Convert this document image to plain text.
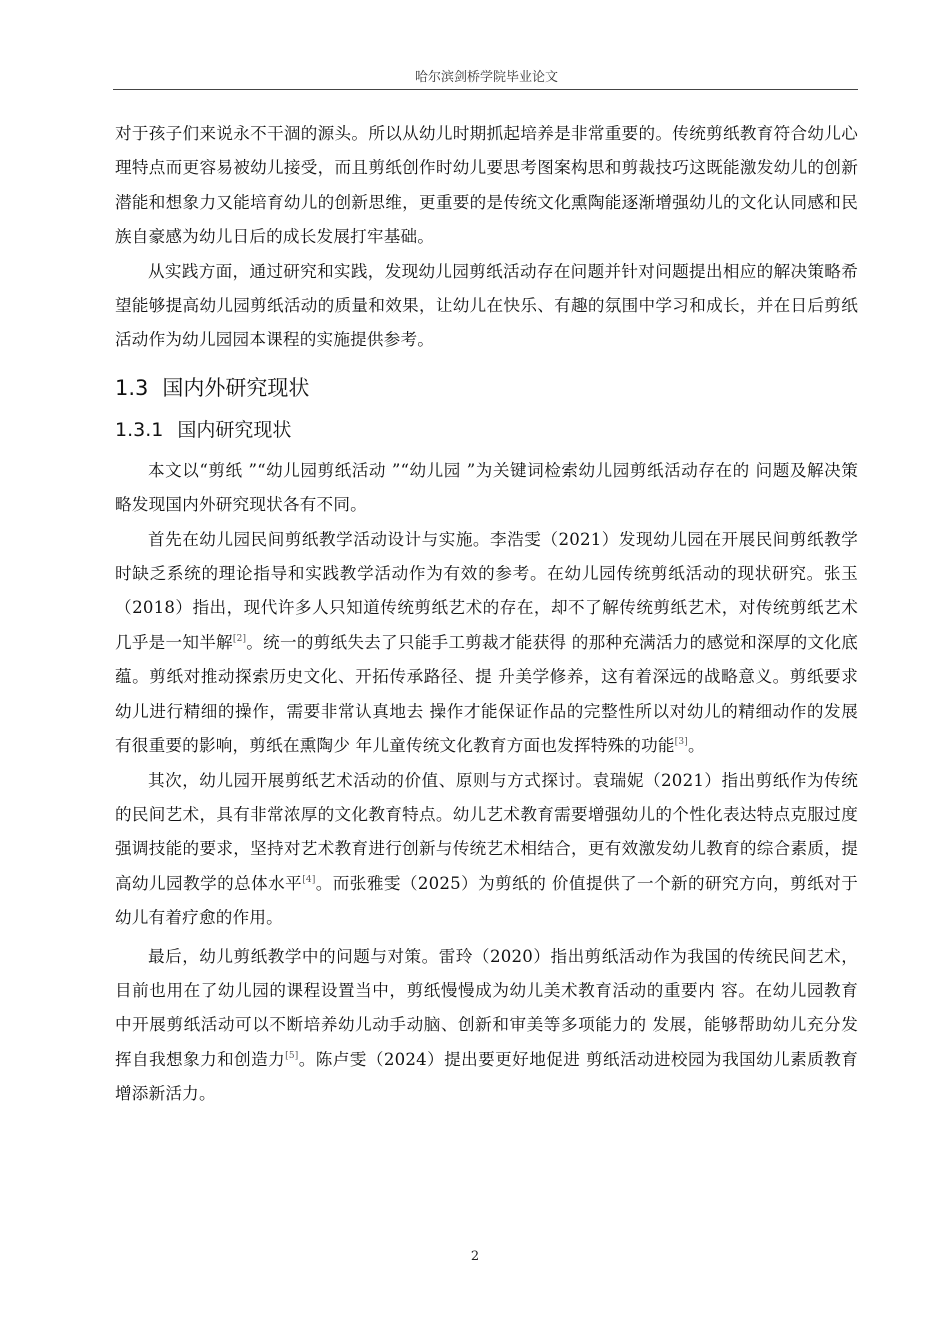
哈尔滨剑桥学院毕业论文

对于孩子们来说永不干涸的源头。所以从幼儿时期抓起培养是非常重要的。传统剪纸教育符合幼儿心理特点而更容易被幼儿接受，而且剪纸创作时幼儿要思考图案构思和剪裁技巧这既能激发幼儿的创新潜能和想象力又能培育幼儿的创新思维，更重要的是传统文化熏陶能逐渐增强幼儿的文化认同感和民族自豪感为幼儿日后的成长发展打牢基础。

从实践方面，通过研究和实践，发现幼儿园剪纸活动存在问题并针对问题提出相应的解决策略希望能够提高幼儿园剪纸活动的质量和效果，让幼儿在快乐、有趣的氛围中学习和成长，并在日后剪纸活动作为幼儿园园本课程的实施提供参考。

1.3 国内外研究现状
1.3.1 国内研究现状

本文以“剪纸 ”“幼儿园剪纸活动 ”“幼儿园 ”为关键词检索幼儿园剪纸活动存在的 问题及解决策略发现国内外研究现状各有不同。

首先在幼儿园民间剪纸教学活动设计与实施。李浩雯（2021）发现幼儿园在开展民间剪纸教学时缺乏系统的理论指导和实践教学活动作为有效的参考。在幼儿园传统剪纸活动的现状研究。张玉（2018）指出，现代许多人只知道传统剪纸艺术的存在，却不了解传统剪纸艺术，对传统剪纸艺术几乎是一知半解[2]。统一的剪纸失去了只能手工剪裁才能获得 的那种充满活力的感觉和深厚的文化底蕴。剪纸对推动探索历史文化、开拓传承路径、提 升美学修养，这有着深远的战略意义。剪纸要求幼儿进行精细的操作，需要非常认真地去 操作才能保证作品的完整性所以对幼儿的精细动作的发展有很重要的影响，剪纸在熏陶少 年儿童传统文化教育方面也发挥特殊的功能[3]。

其次，幼儿园开展剪纸艺术活动的价值、原则与方式探讨。袁瑞妮（2021）指出剪纸作为传统的民间艺术，具有非常浓厚的文化教育特点。幼儿艺术教育需要增强幼儿的个性化表达特点克服过度强调技能的要求，坚持对艺术教育进行创新与传统艺术相结合，更有效激发幼儿教育的综合素质，提高幼儿园教学的总体水平[4]。而张雅雯（2025）为剪纸的 价值提供了一个新的研究方向，剪纸对于幼儿有着疗愈的作用。

最后，幼儿剪纸教学中的问题与对策。雷玲（2020）指出剪纸活动作为我国的传统民间艺术， 目前也用在了幼儿园的课程设置当中，剪纸慢慢成为幼儿美术教育活动的重要内 容。在幼儿园教育中开展剪纸活动可以不断培养幼儿动手动脑、创新和审美等多项能力的 发展，能够帮助幼儿充分发挥自我想象力和创造力[5]。陈卢雯（2024）提出要更好地促进 剪纸活动进校园为我国幼儿素质教育增添新活力。

2
